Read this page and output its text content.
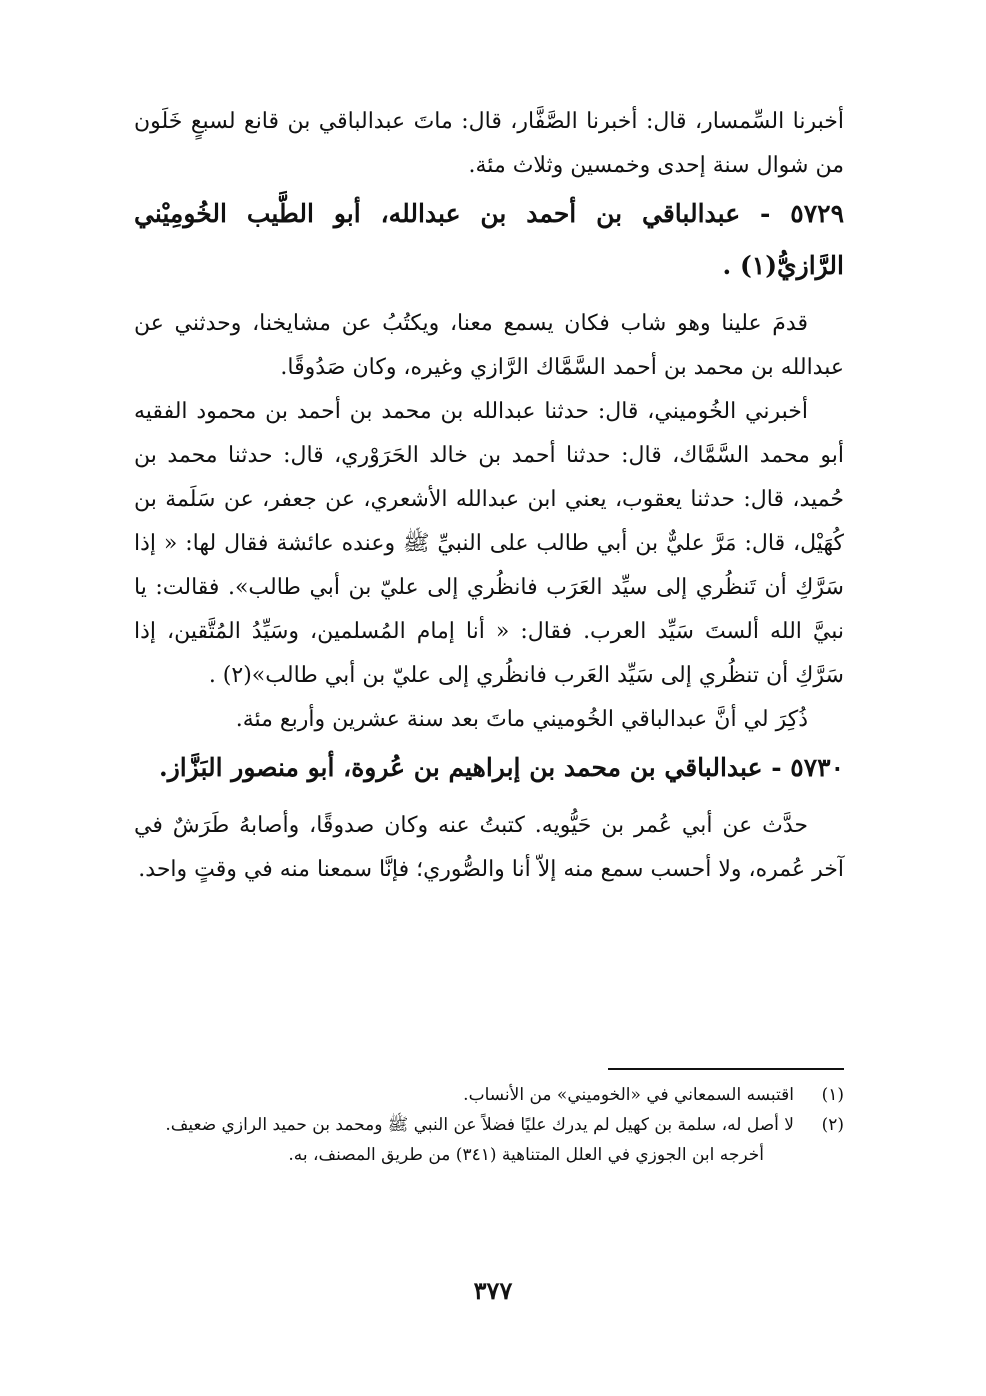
أخبرنا السِّمسار، قال: أخبرنا الصَّفَّار، قال: ماتَ عبدالباقي بن قانع لسبعٍ خَلَون من شوال سنة إحدى وخمسين وثلاث مئة.

٥٧٢٩ - عبدالباقي بن أحمد بن عبدالله، أبو الطَّيب الخُومِيْني الرَّازيُّ(١) .

قدمَ علينا وهو شاب فكان يسمع معنا، ويكتُبُ عن مشايخنا، وحدثني عن عبدالله بن محمد بن أحمد السَّمَّاك الرَّازي وغيره، وكان صَدُوقًا.

أخبرني الخُوميني، قال: حدثنا عبدالله بن محمد بن أحمد بن محمود الفقيه أبو محمد السَّمَّاك، قال: حدثنا أحمد بن خالد الحَرَوْري، قال: حدثنا محمد بن حُميد، قال: حدثنا يعقوب، يعني ابن عبدالله الأشعري، عن جعفر، عن سَلَمة بن كُهَيْل، قال: مَرَّ عليٌّ بن أبي طالب على النبيِّ ﷺ وعنده عائشة فقال لها: « إذا سَرَّكِ أن تَنظُري إلى سيِّد العَرَب فانظُري إلى عليّ بن أبي طالب». فقالت: يا نبيَّ الله ألستَ سَيِّد العرب. فقال: « أنا إمام المُسلمين، وسَيِّدُ المُتَّقين، إذا سَرَّكِ أن تنظُري إلى سَيِّد العَرب فانظُري إلى عليّ بن أبي طالب»(٢) .

ذُكِرَ لي أنَّ عبدالباقي الخُوميني ماتَ بعد سنة عشرين وأربع مئة.

٥٧٣٠ - عبدالباقي بن محمد بن إبراهيم بن عُروة، أبو منصور البَزَّاز.

حدَّث عن أبي عُمر بن حَيُّويه. كتبتُ عنه وكان صدوقًا، وأصابهُ طَرَشٌ في آخر عُمره، ولا أحسب سمع منه إلاّ أنا والصُّوري؛ فإنَّا سمعنا منه في وقتٍ واحد.

(١)
اقتبسه السمعاني في «الخوميني» من الأنساب.

(٢)
لا أصل له، سلمة بن كهيل لم يدرك عليًا فضلاً عن النبي ﷺ ومحمد بن حميد الرازي ضعيف.

أخرجه ابن الجوزي في العلل المتناهية (٣٤١) من طريق المصنف، به.

٣٧٧
